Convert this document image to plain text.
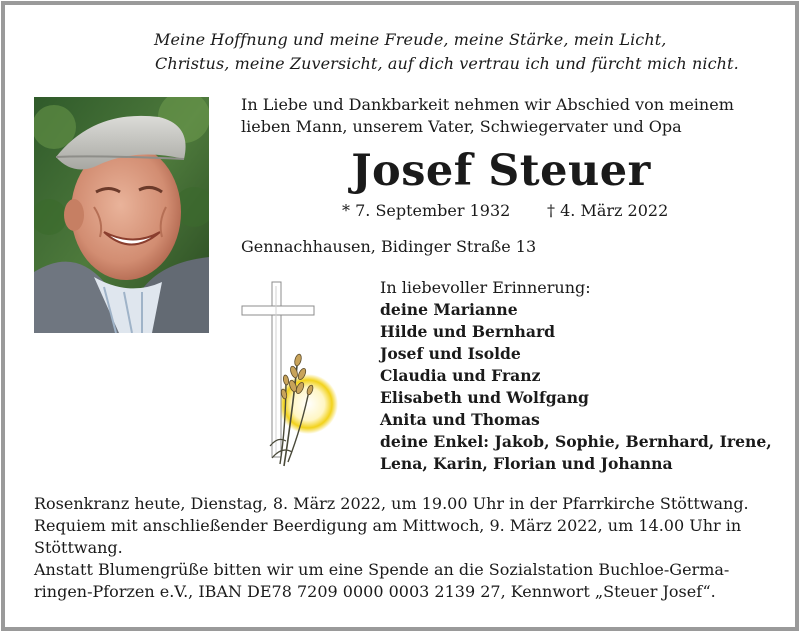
Meine Hoffnung und meine Freude, meine Stärke, mein Licht,
Christus, meine Zuversicht, auf dich vertrau ich und fürcht mich nicht.
In Liebe und Dankbarkeit nehmen wir Abschied von meinem
lieben Mann, unserem Vater, Schwiegervater und Opa
Josef Steuer
* 7. September 1932 † 4. März 2022
Gennachhausen, Bidinger Straße 13
In liebevoller Erinnerung:
deine Marianne
Hilde und Bernhard
Josef und Isolde
Claudia und Franz
Elisabeth und Wolfgang
Anita und Thomas
deine Enkel: Jakob, Sophie, Bernhard, Irene,
Lena, Karin, Florian und Johanna
Rosenkranz heute, Dienstag, 8. März 2022, um 19.00 Uhr in der Pfarrkirche Stöttwang.
Requiem mit anschließender Beerdigung am Mittwoch, 9. März 2022, um 14.00 Uhr in
Stöttwang.
Anstatt Blumengrüße bitten wir um eine Spende an die Sozialstation Buchloe-Germa-
ringen-Pforzen e.V., IBAN DE78 7209 0000 0003 2139 27, Kennwort „Steuer Josef“.
